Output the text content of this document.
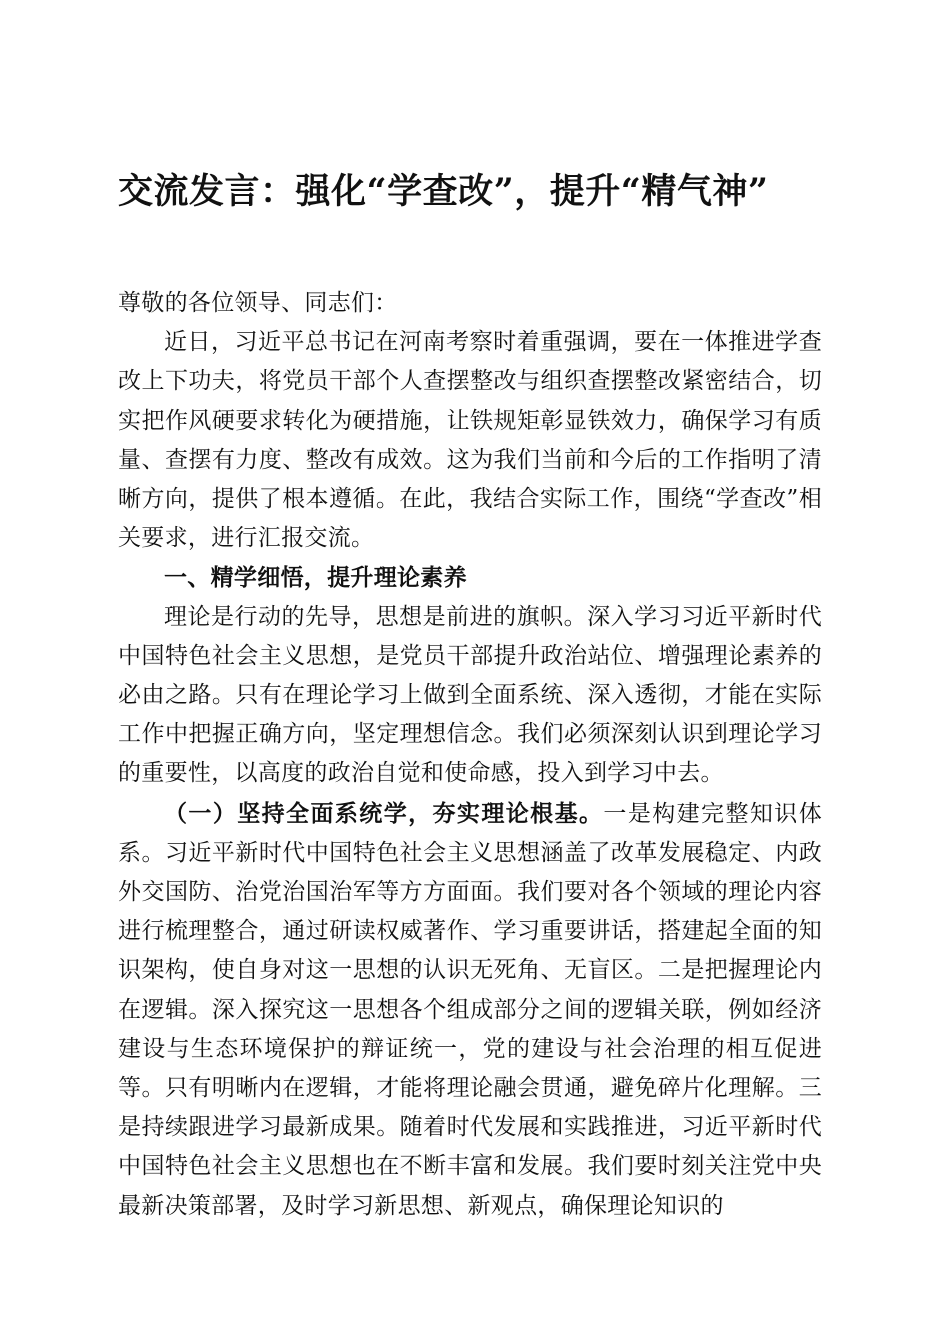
交流发言：强化“学查改”，提升“精气神”

尊敬的各位领导、同志们：

近日，习近平总书记在河南考察时着重强调，要在一体推进学查改上下功夫，将党员干部个人查摆整改与组织查摆整改紧密结合，切实把作风硬要求转化为硬措施，让铁规矩彰显铁效力，确保学习有质量、查摆有力度、整改有成效。这为我们当前和今后的工作指明了清晰方向，提供了根本遵循。在此，我结合实际工作，围绕“学查改”相关要求，进行汇报交流。

一、精学细悟，提升理论素养

理论是行动的先导，思想是前进的旗帜。深入学习习近平新时代中国特色社会主义思想，是党员干部提升政治站位、增强理论素养的必由之路。只有在理论学习上做到全面系统、深入透彻，才能在实际工作中把握正确方向，坚定理想信念。我们必须深刻认识到理论学习的重要性，以高度的政治自觉和使命感，投入到学习中去。

（一）坚持全面系统学，夯实理论根基。一是构建完整知识体系。习近平新时代中国特色社会主义思想涵盖了改革发展稳定、内政外交国防、治党治国治军等方方面面。我们要对各个领域的理论内容进行梳理整合，通过研读权威著作、学习重要讲话，搭建起全面的知识架构，使自身对这一思想的认识无死角、无盲区。二是把握理论内在逻辑。深入探究这一思想各个组成部分之间的逻辑关联，例如经济建设与生态环境保护的辩证统一，党的建设与社会治理的相互促进等。只有明晰内在逻辑，才能将理论融会贯通，避免碎片化理解。三是持续跟进学习最新成果。随着时代发展和实践推进，习近平新时代中国特色社会主义思想也在不断丰富和发展。我们要时刻关注党中央最新决策部署，及时学习新思想、新观点，确保理论知识的
